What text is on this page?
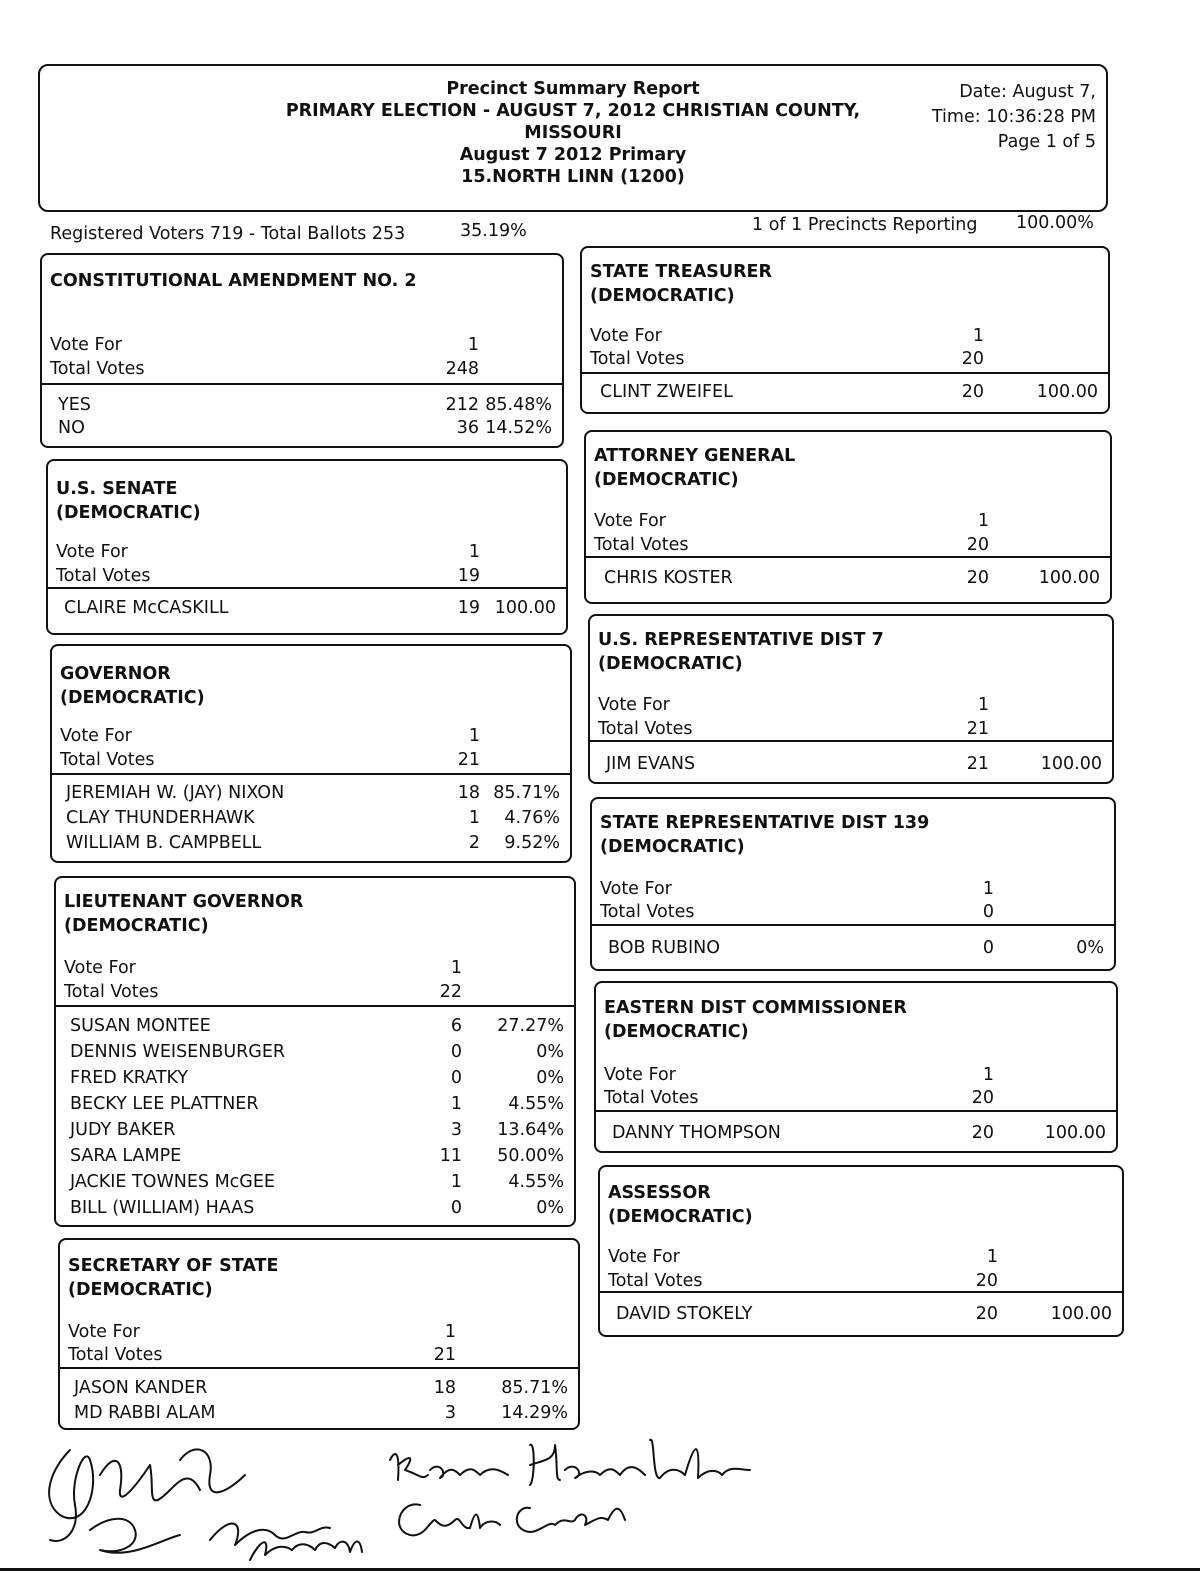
Precinct Summary Report
PRIMARY ELECTION - AUGUST 7, 2012 CHRISTIAN COUNTY,
MISSOURI
August 7 2012 Primary
15.NORTH LINN (1200)
Date: August 7,
Time: 10:36:28 PM
Page 1 of 5
Registered Voters 719 - Total Ballots 253	35.19%	1 of 1 Precincts Reporting 100.00%
CONSTITUTIONAL AMENDMENT NO. 2
Vote For	1
Total Votes	248
YES	212 85.48%
NO	36 14.52%
U.S. SENATE
(DEMOCRATIC)
Vote For	1
Total Votes	19
CLAIRE McCASKILL	19 100.00
GOVERNOR
(DEMOCRATIC)
Vote For	1
Total Votes	21
JEREMIAH W. (JAY) NIXON	18 85.71%
CLAY THUNDERHAWK	1 4.76%
WILLIAM B. CAMPBELL	2 9.52%
LIEUTENANT GOVERNOR
(DEMOCRATIC)
Vote For	1
Total Votes	22
SUSAN MONTEE	6 27.27%
DENNIS WEISENBURGER	0	0%
FRED KRATKY	0	0%
BECKY LEE PLATTNER	1	4.55%
JUDY BAKER	3 13.64%
SARA LAMPE	11 50.00%
JACKIE TOWNES McGEE	1	4.55%
BILL (WILLIAM) HAAS	0	0%
SECRETARY OF STATE
(DEMOCRATIC)
Vote For	1
Total Votes	21
JASON KANDER	18	85.71%
MD RABBI ALAM	3	14.29%
STATE TREASURER
(DEMOCRATIC)
Vote For	1
Total Votes	20
CLINT ZWEIFEL	20	100.00
ATTORNEY GENERAL
(DEMOCRATIC)
Vote For	1
Total Votes	20
CHRIS KOSTER	20	100.00
U.S. REPRESENTATIVE DIST 7
(DEMOCRATIC)
Vote For	1
Total Votes	21
JIM EVANS	21	100.00
STATE REPRESENTATIVE DIST 139
(DEMOCRATIC)
Vote For	1
Total Votes	0
BOB RUBINO	0	0%
EASTERN DIST COMMISSIONER
(DEMOCRATIC)
Vote For	1
Total Votes	20
DANNY THOMPSON	20	100.00
ASSESSOR
(DEMOCRATIC)
Vote For	1
Total Votes	20
DAVID STOKELY	20	100.00
